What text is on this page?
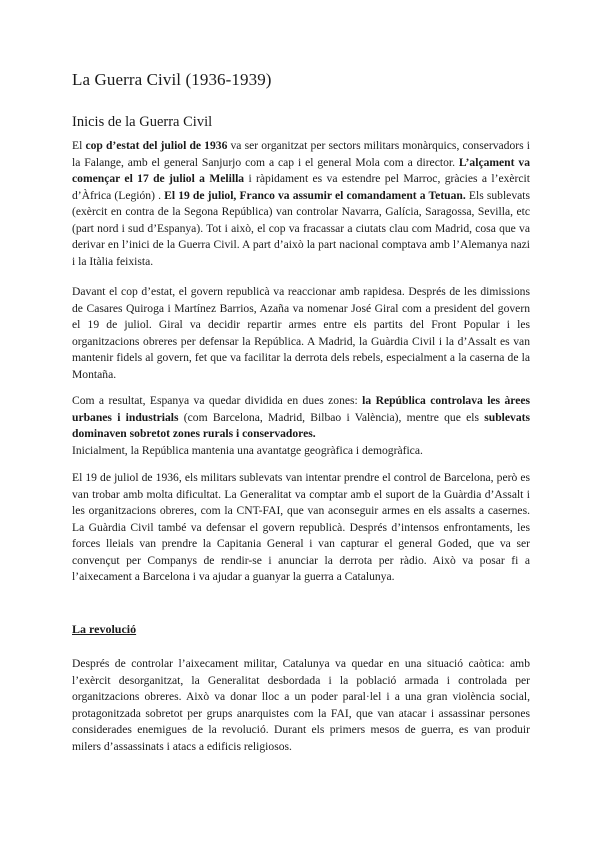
La Guerra Civil (1936-1939)
Inicis de la Guerra Civil

El cop d’estat del juliol de 1936 va ser organitzat per sectors militars monàrquics, conservadors i la Falange, amb el general Sanjurjo com a cap i el general Mola com a director. L’alçament va començar el 17 de juliol a Melilla i ràpidament es va estendre pel Marroc, gràcies a l’exèrcit d’Àfrica (Legión) . El 19 de juliol, Franco va assumir el comandament a Tetuan. Els sublevats (exèrcit en contra de la Segona República) van controlar Navarra, Galícia, Saragossa, Sevilla, etc (part nord i sud d’Espanya). Tot i això, el cop va fracassar a ciutats clau com Madrid, cosa que va derivar en l’inici de la Guerra Civil. A part d’això la part nacional comptava amb l’Alemanya nazi i la Itàlia feixista.

Davant el cop d’estat, el govern republicà va reaccionar amb rapidesa. Després de les dimissions de Casares Quiroga i Martínez Barrios, Azaña va nomenar José Giral com a president del govern el 19 de juliol. Giral va decidir repartir armes entre els partits del Front Popular i les organitzacions obreres per defensar la República. A Madrid, la Guàrdia Civil i la d’Assalt es van mantenir fidels al govern, fet que va facilitar la derrota dels rebels, especialment a la caserna de la Montaña.

Com a resultat, Espanya va quedar dividida en dues zones: la República controlava les àrees urbanes i industrials (com Barcelona, Madrid, Bilbao i València), mentre que els sublevats dominaven sobretot zones rurals i conservadores.
Inicialment, la República mantenia una avantatge geogràfica i demogràfica.

El 19 de juliol de 1936, els militars sublevats van intentar prendre el control de Barcelona, però es van trobar amb molta dificultat. La Generalitat va comptar amb el suport de la Guàrdia d’Assalt i les organitzacions obreres, com la CNT-FAI, que van aconseguir armes en els assalts a casernes. La Guàrdia Civil també va defensar el govern republicà. Després d’intensos enfrontaments, les forces lleials van prendre la Capitania General i van capturar el general Goded, que va ser convençut per Companys de rendir-se i anunciar la derrota per ràdio. Això va posar fi a l’aixecament a Barcelona i va ajudar a guanyar la guerra a Catalunya.

La revolució

Després de controlar l’aixecament militar, Catalunya va quedar en una situació caòtica: amb l’exèrcit desorganitzat, la Generalitat desbordada i la població armada i controlada per organitzacions obreres. Això va donar lloc a un poder paral·lel i a una gran violència social, protagonitzada sobretot per grups anarquistes com la FAI, que van atacar i assassinar persones considerades enemigues de la revolució. Durant els primers mesos de guerra, es van produir milers d’assassinats i atacs a edificis religiosos.
